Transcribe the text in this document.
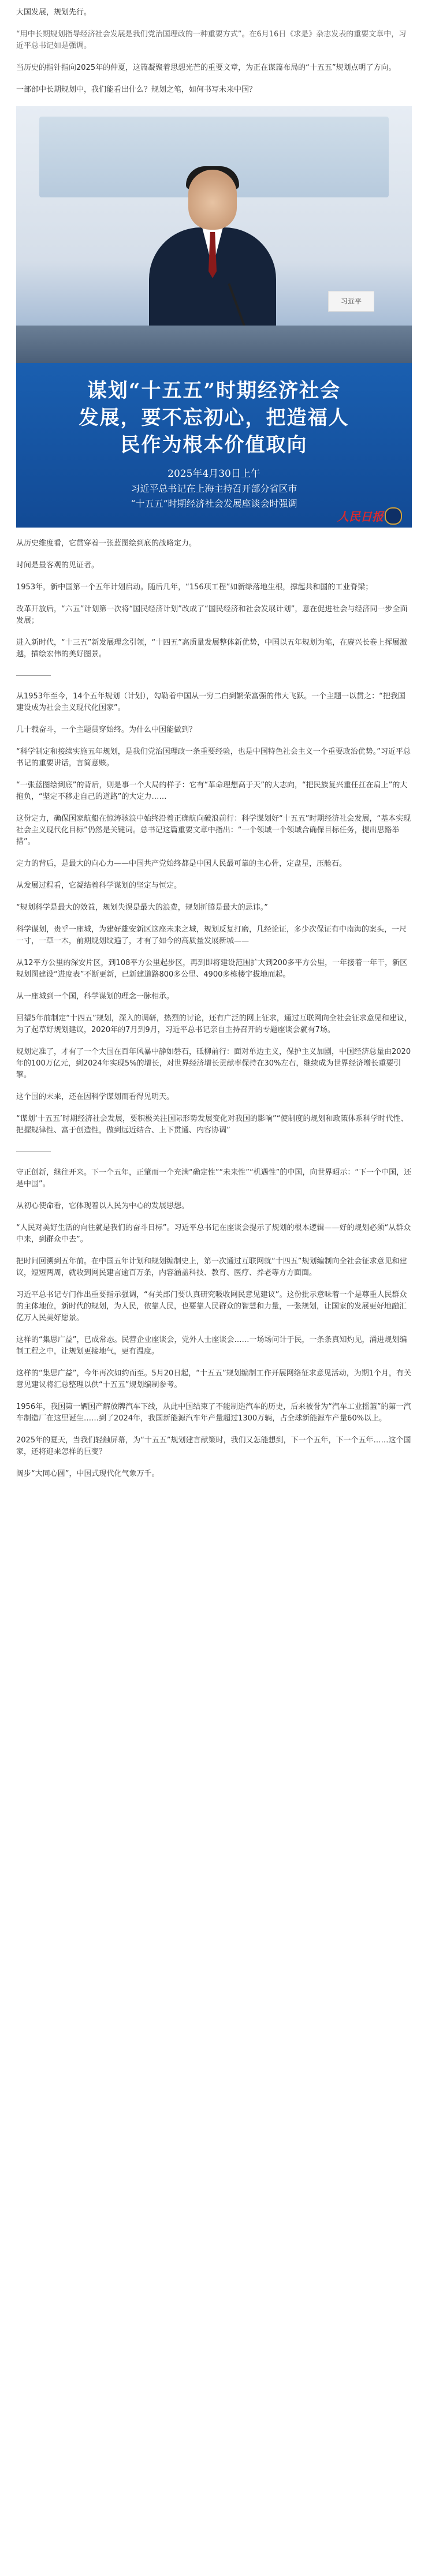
大国发展，规划先行。

“用中长期规划指导经济社会发展是我们党治国理政的一种重要方式”。在6月16日《求是》杂志发表的重要文章中，习近平总书记如是强调。

当历史的指针指向2025年的仲夏，这篇凝聚着思想光芒的重要文章，为正在谋篇布局的“十五五”规划点明了方向。

一部部中长期规划中，我们能看出什么？规划之笔，如何书写未来中国？

习近平
谋划“十五五”时期经济社会
发展，要不忘初心，把造福人
民作为根本价值取向
2025年4月30日上午
习近平总书记在上海主持召开部分省区市
“十五五”时期经济社会发展座谈会时强调
人民日报

从历史维度看，它贯穿着一张蓝图绘到底的战略定力。

时间是最客观的见证者。

1953年，新中国第一个五年计划启动。随后几年，“156项工程”如新绿落地生根，撑起共和国的工业脊梁；

改革开放后，“六五”计划第一次将“国民经济计划”改成了“国民经济和社会发展计划”，意在促进社会与经济同一步全面发展；

进入新时代，“十三五”新发展理念引领，“十四五”高质量发展整体新优势，中国以五年规划为笔，在赓兴长卷上挥展激越，描绘宏伟的美好图景。

从1953年至今，14个五年规划（计划），勾勒着中国从一穷二白到繁荣富强的伟大飞跃。一个主题一以贯之：“把我国建设成为社会主义现代化国家”。

几十载奋斗，一个主题贯穿始终。为什么中国能做到？

“科学制定和接续实施五年规划，是我们党治国理政一条重要经验，也是中国特色社会主义一个重要政治优势。”习近平总书记的重要讲话，言简意赅。

“一张蓝图绘到底”的背后，则是事一个大局的样子：它有“革命理想高于天”的大志向，“把民族复兴重任扛在肩上”的大抱负，“坚定不移走自己的道路”的大定力……

这份定力，确保国家航船在惊涛骇浪中始终沿着正确航向破浪前行：科学谋划好“十五五”时期经济社会发展，“基本实现社会主义现代化目标”仍然是关键词。总书记这篇重要文章中指出：“一个领域一个领域合确保目标任务，提出思路举措”。

定力的背后，是最大的向心力——中国共产党始终都是中国人民最可靠的主心骨，定盘星，压舱石。

从发展过程看，它凝结着科学谋划的坚定与恒定。

“规划科学是最大的效益，规划失误是最大的浪费，规划折腾是最大的忌讳。”

科学谋划，贵乎一座城，为建好雄安新区这座未来之城，规划反复打磨，几经论证，多少次保证有中南海的案头，一尺一寸，一草一木，前期规划纹遍了，才有了如今的高质量发展新城——

从12平方公里的深安片区，到108平方公里起步区，再到即将建设范围扩大到200多平方公里，一年接着一年干，新区规划图建设“进度表”不断更新，已新建道路800多公里、4900多栋楼宇拔地而起。

从一座城到一个国，科学谋划的理念一脉相承。

回望5年前制定“十四五”规划，深入的调研，热烈的讨论，还有广泛的网上征求，通过互联网向全社会征求意见和建议，为了起草好规划建议，2020年的7月到9月，习近平总书记亲自主持召开的专题座谈会就有7场。

规划定准了，才有了一个大国在百年风暴中静如磐石，砥柳前行：面对单边主义，保护主义加剧，中国经济总量由2020年的100万亿元，到2024年实现5%的增长，对世界经济增长贡献率保持在30%左右，继续成为世界经济增长重要引擎。

这个国的未来，还在因科学谋划而看得见明天。

“谋划‘十五五’时期经济社会发展，要积极关注国际形势发展变化对我国的影响”“使制度的规划和政策体系科学时代性、把握规律性、富于创造性，做到远近结合、上下贯通、内容协调”

守正创新，继往开来。下一个五年，正肇而一个充满“确定性”“未来性”“机遇性”的中国，向世界昭示：“下一个中国，还是中国”。

从初心使命看，它体现着以人民为中心的发展思想。

“人民对美好生活的向往就是我们的奋斗目标”。习近平总书记在座谈会提示了规划的根本逻辑——好的规划必须“从群众中来，到群众中去”。

把时间回溯到五年前。在中国五年计划和规划编制史上，第一次通过互联网就“十四五”规划编制向全社会征求意见和建议，短短两周，就收到网民建言逾百万条，内容涵盖科技、教育、医疗、养老等方方面面。

习近平总书记专门作出重要指示强调，“有关部门要认真研究吸收网民意见建议”。这份批示意味着一个是尊重人民群众的主体地位，新时代的规划，为人民，依靠人民，也要靠人民群众的智慧和力量，一张规划，让国家的发展更好地融汇亿万人民美好愿景。

这样的“集思广益”，已成常态。民营企业座谈会，党外人士座谈会……一场场问计于民，一条条真知灼见，涌进规划编制工程之中，让规划更接地气，更有温度。

这样的“集思广益”，今年再次如约而至。5月20日起，“十五五”规划编制工作开展网络征求意见活动，为期1个月，有关意见建议将汇总整理以供“十五五”规划编制参考。

1956年，我国第一辆国产解放牌汽车下线，从此中国结束了不能制造汽车的历史，后来被誉为“汽车工业摇篮”的第一汽车制造厂在这里诞生……到了2024年，我国新能源汽车年产量超过1300万辆，占全球新能源车产量60%以上。

2025年的夏天，当我们轻触屏幕，为“十五五”规划建言献策时，我们又怎能想到，下一个五年，下一个五年……这个国家，还将迎来怎样的巨变？

阔步“大同心圆”，中国式现代化气象万千。
